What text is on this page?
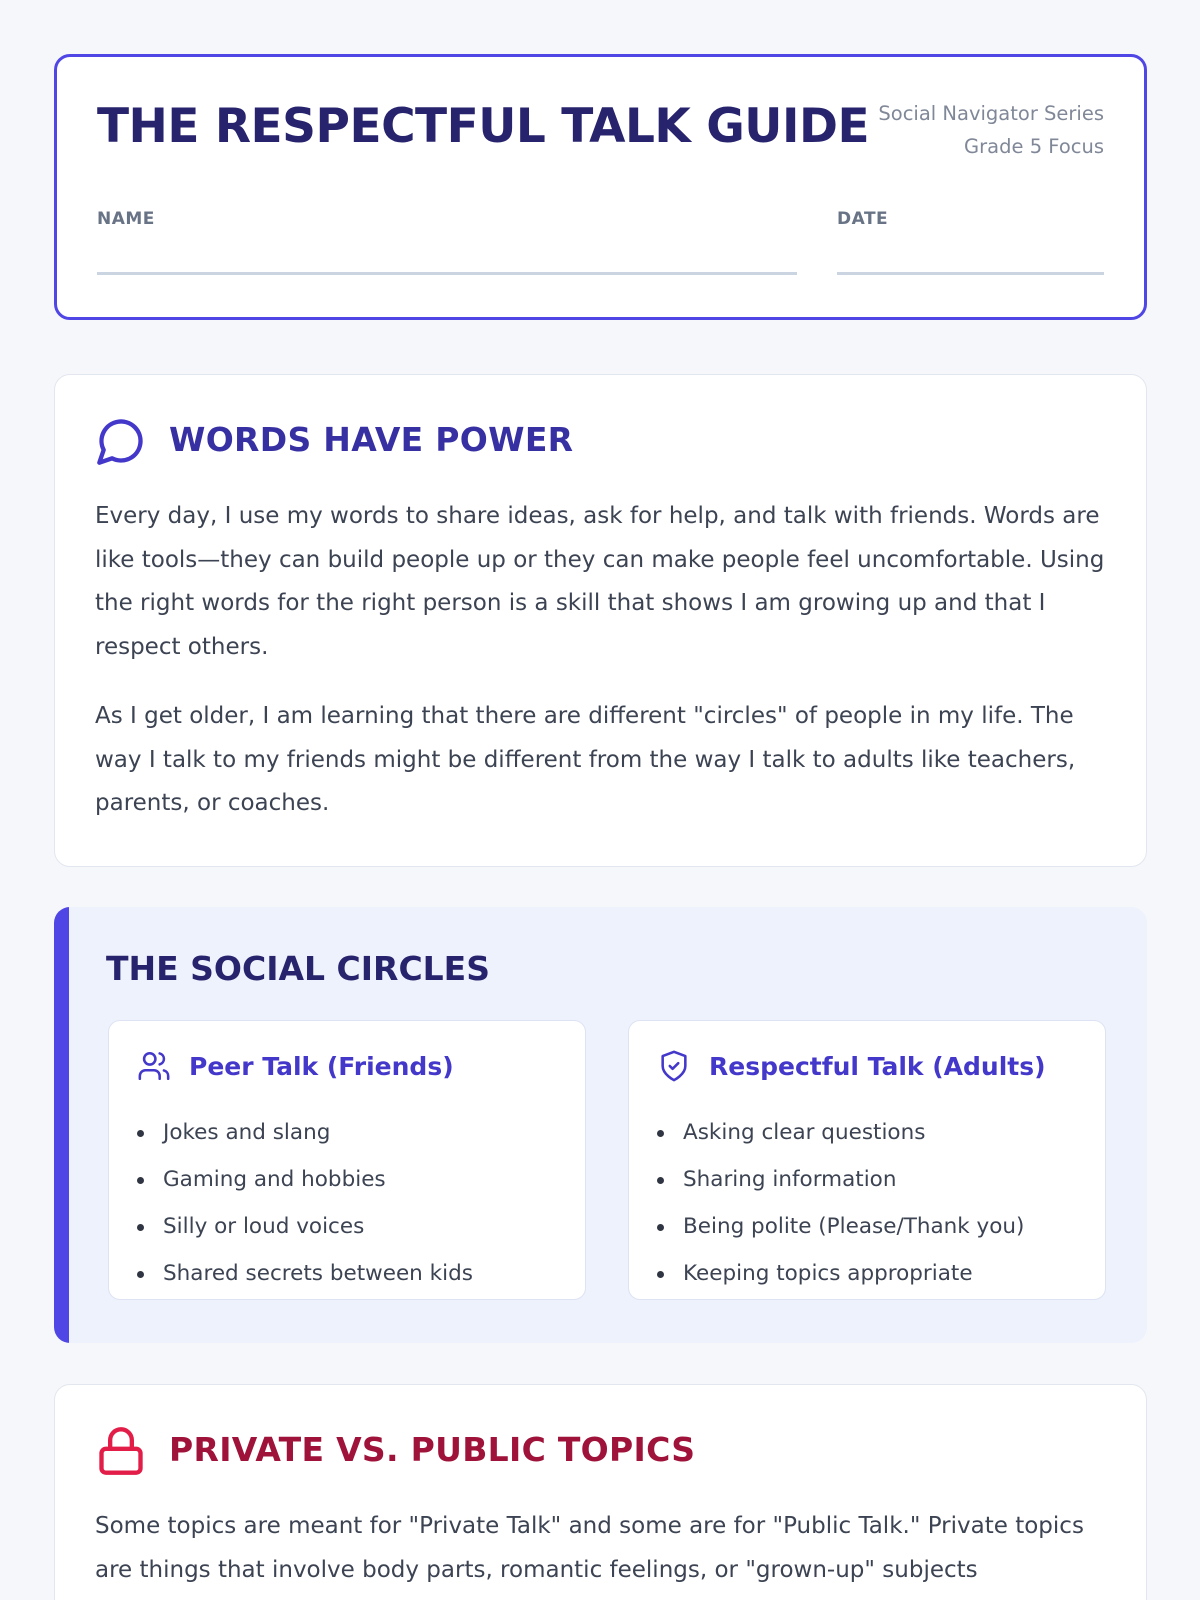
THE RESPECTFUL TALK GUIDE Social Navigator Series
Grade 5 Focus
NAME	DATE
WORDS HAVE POWER
Every day, I use my words to share ideas, ask for help, and talk with friends. Words are like tools—they can build people up or they can make people feel uncomfortable. Using the right words for the right person is a skill that shows I am growing up and that I respect others.
As I get older, I am learning that there are different "circles" of people in my life. The way I talk to my friends might be different from the way I talk to adults like teachers, parents, or coaches.
THE SOCIAL CIRCLES
Peer Talk (Friends)
Jokes and slang
Gaming and hobbies
Silly or loud voices
Shared secrets between kids
Respectful Talk (Adults)
Asking clear questions
Sharing information
Being polite (Please/Thank you)
Keeping topics appropriate
PRIVATE VS. PUBLIC TOPICS
Some topics are meant for "Private Talk" and some are for "Public Talk." Private topics are things that involve body parts, romantic feelings, or "grown-up" subjects
